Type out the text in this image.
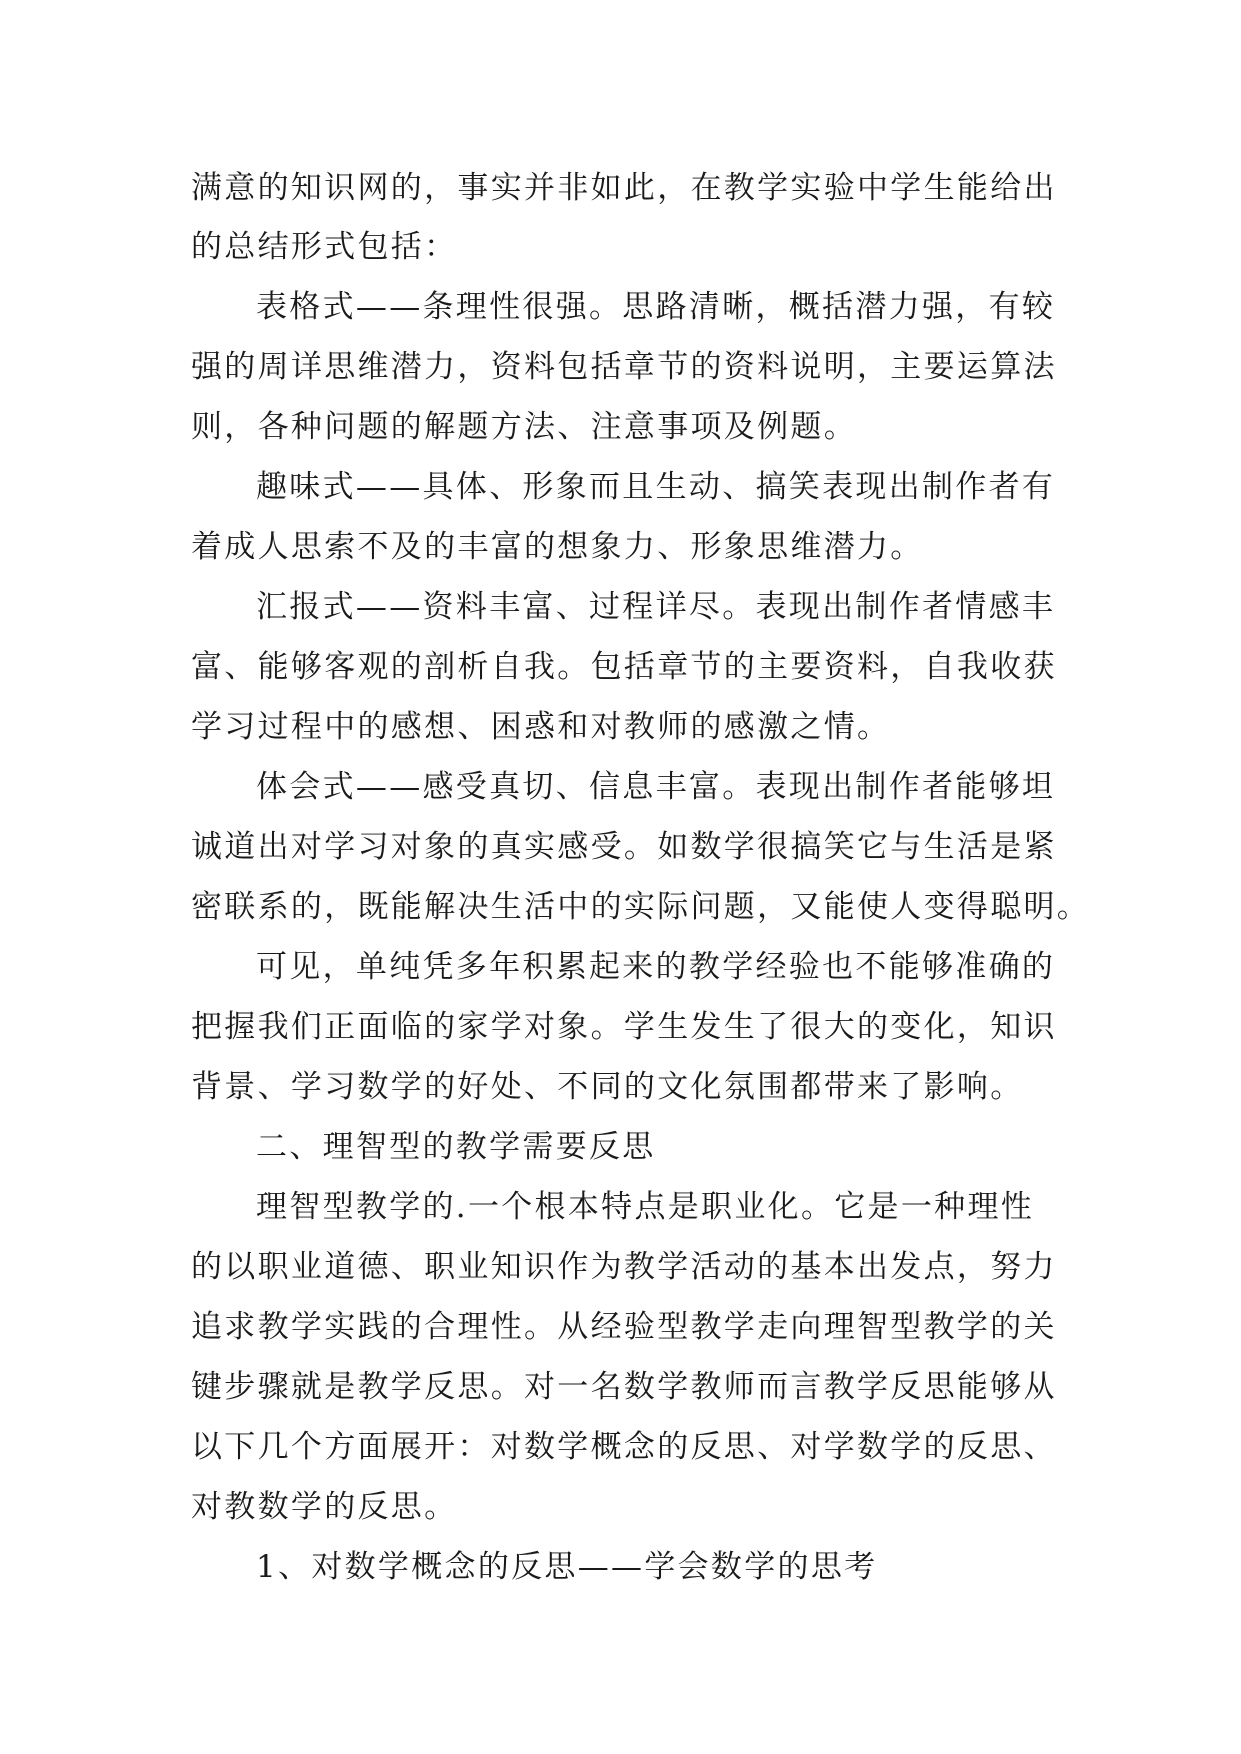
满意的知识网的，事实并非如此，在教学实验中学生能给出
的总结形式包括：
表格式——条理性很强。思路清晰，概括潜力强，有较
强的周详思维潜力，资料包括章节的资料说明，主要运算法
则，各种问题的解题方法、注意事项及例题。
趣味式——具体、形象而且生动、搞笑表现出制作者有
着成人思索不及的丰富的想象力、形象思维潜力。
汇报式——资料丰富、过程详尽。表现出制作者情感丰
富、能够客观的剖析自我。包括章节的主要资料，自我收获
学习过程中的感想、困惑和对教师的感激之情。
体会式——感受真切、信息丰富。表现出制作者能够坦
诚道出对学习对象的真实感受。如数学很搞笑它与生活是紧
密联系的，既能解决生活中的实际问题，又能使人变得聪明。
可见，单纯凭多年积累起来的教学经验也不能够准确的
把握我们正面临的家学对象。学生发生了很大的变化，知识
背景、学习数学的好处、不同的文化氛围都带来了影响。
二、理智型的教学需要反思
理智型教学的.一个根本特点是职业化。它是一种理性
的以职业道德、职业知识作为教学活动的基本出发点，努力
追求教学实践的合理性。从经验型教学走向理智型教学的关
键步骤就是教学反思。对一名数学教师而言教学反思能够从
以下几个方面展开：对数学概念的反思、对学数学的反思、
对教数学的反思。
1、对数学概念的反思——学会数学的思考
